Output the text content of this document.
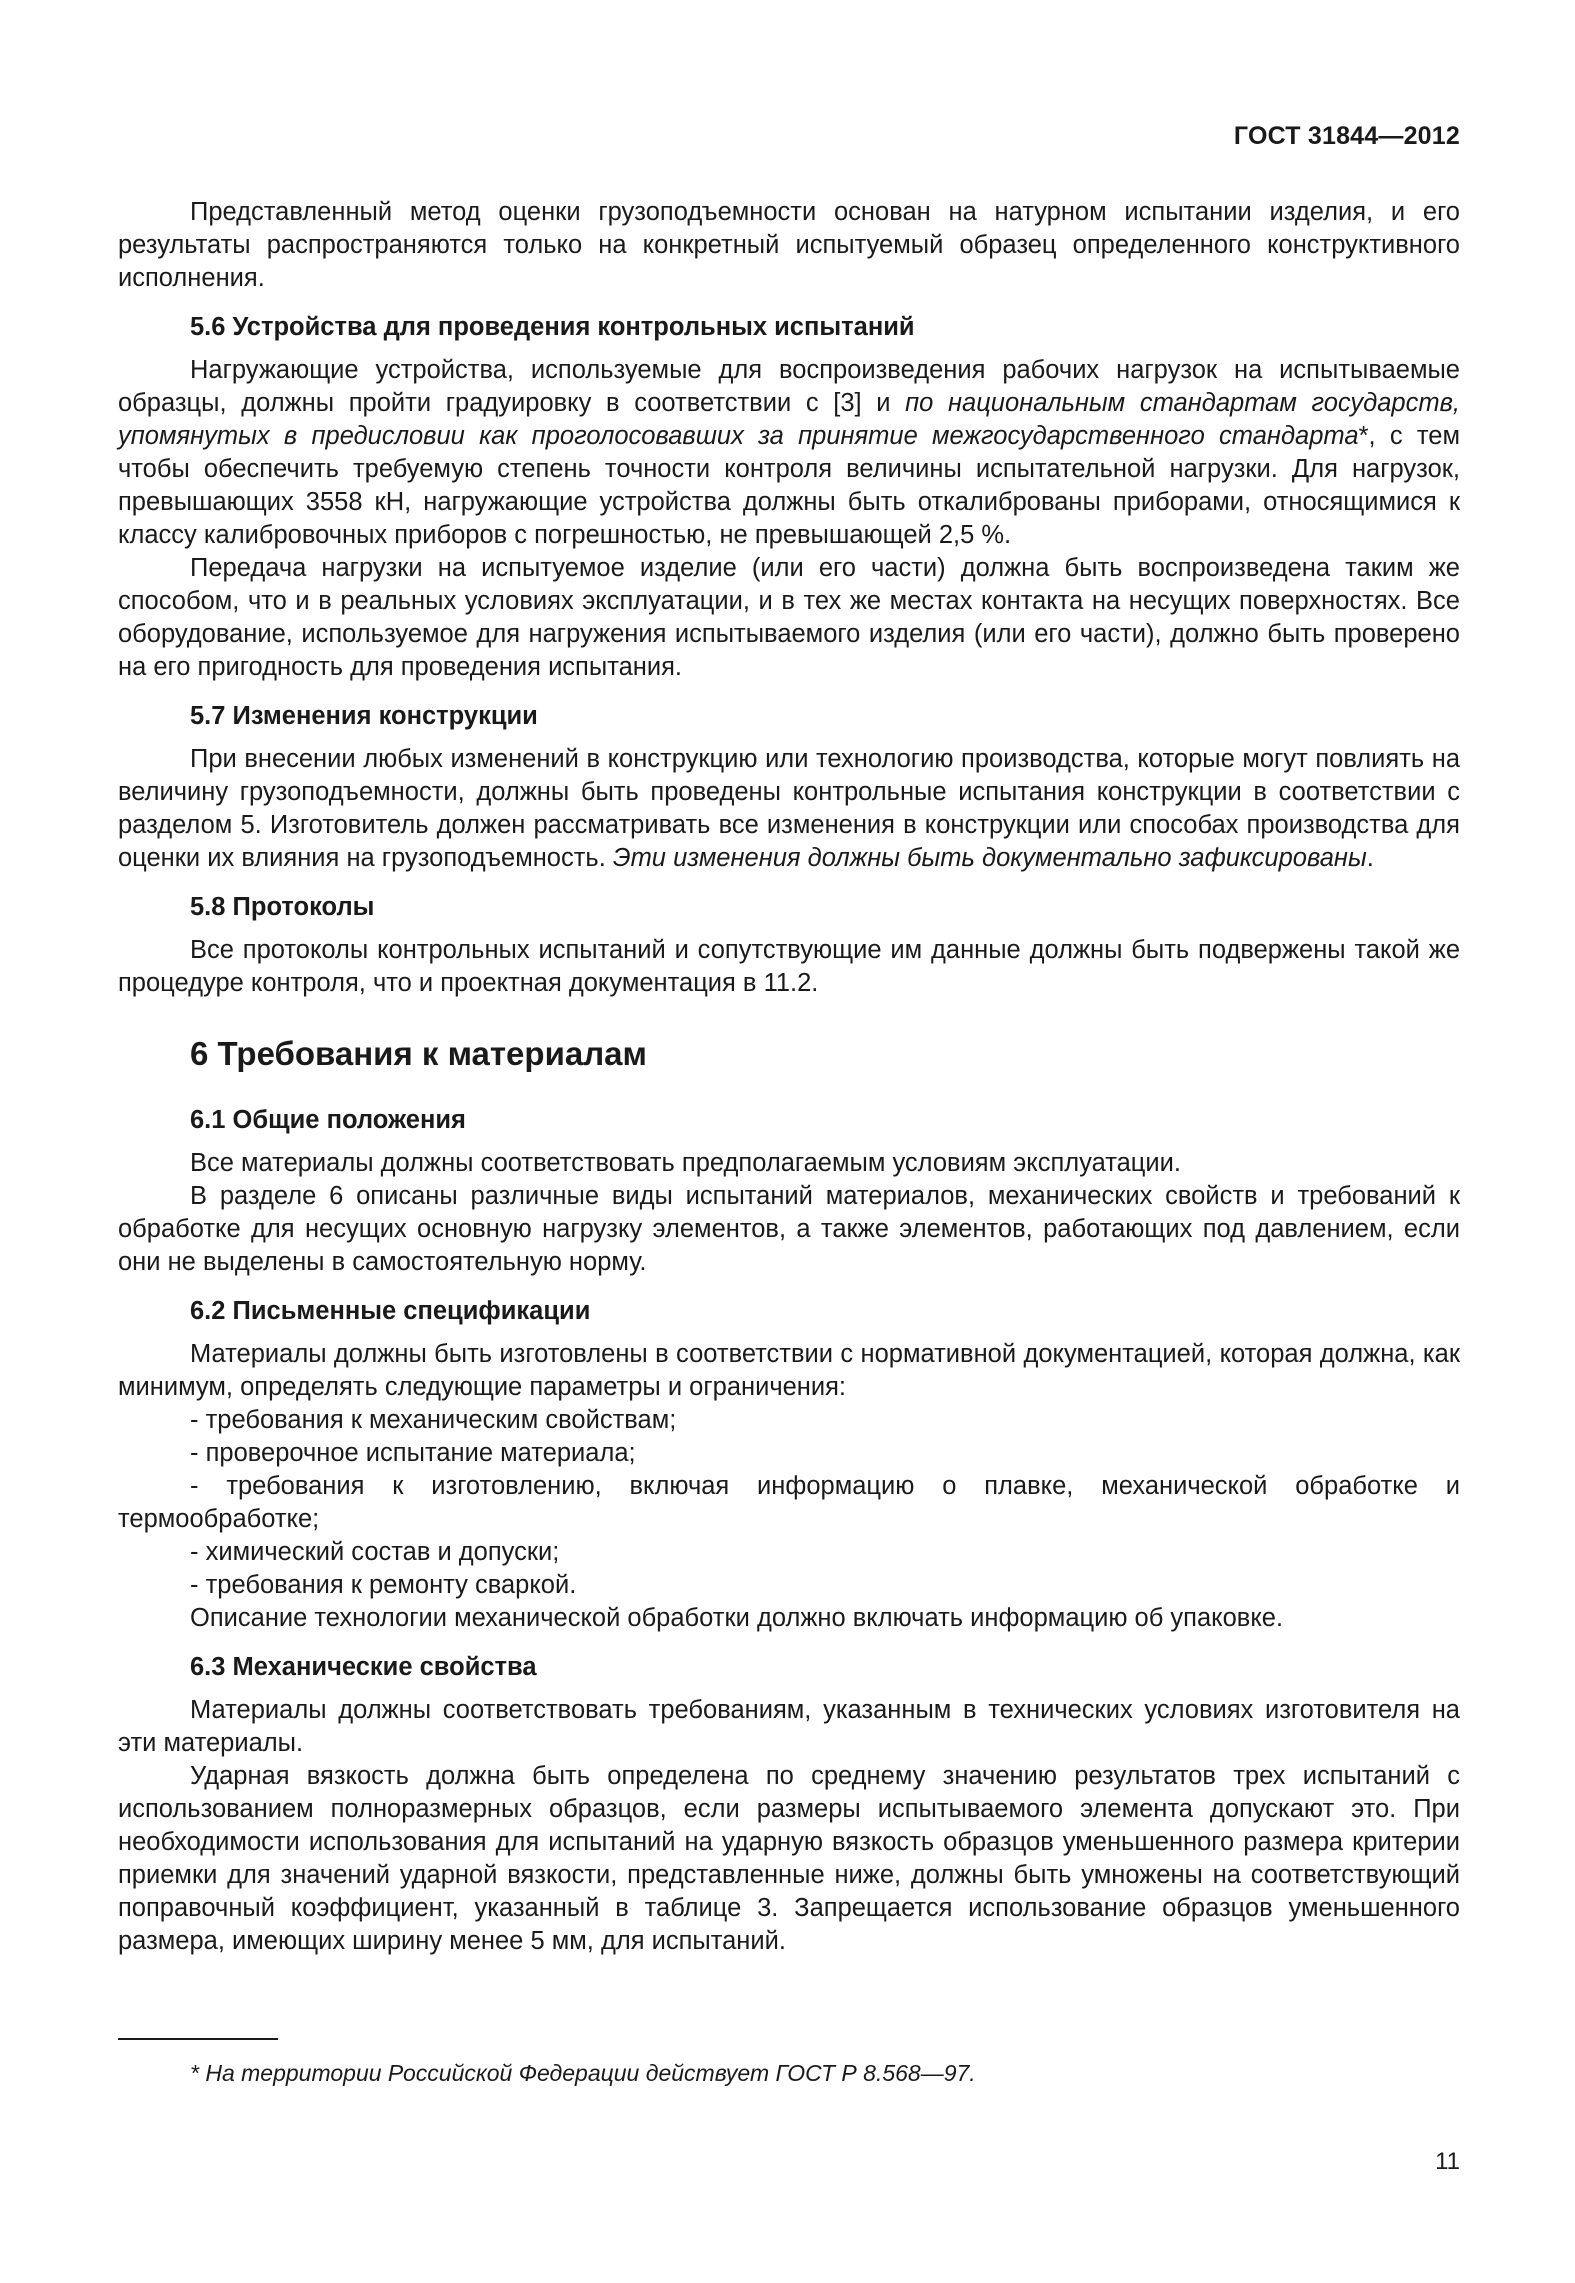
ГОСТ 31844—2012

Представленный метод оценки грузоподъемности основан на натурном испытании изделия, и его результаты распространяются только на конкретный испытуемый образец определенного конструктивного исполнения.

5.6 Устройства для проведения контрольных испытаний

Нагружающие устройства, используемые для воспроизведения рабочих нагрузок на испытываемые образцы, должны пройти градуировку в соответствии с [3] и по национальным стандартам государств, упомянутых в предисловии как проголосовавших за принятие межгосударственного стандарта*, с тем чтобы обеспечить требуемую степень точности контроля величины испытательной нагрузки. Для нагрузок, превышающих 3558 кН, нагружающие устройства должны быть откалиброваны приборами, относящимися к классу калибровочных приборов с погрешностью, не превышающей 2,5 %.

Передача нагрузки на испытуемое изделие (или его части) должна быть воспроизведена таким же способом, что и в реальных условиях эксплуатации, и в тех же местах контакта на несущих поверхностях. Все оборудование, используемое для нагружения испытываемого изделия (или его части), должно быть проверено на его пригодность для проведения испытания.

5.7 Изменения конструкции

При внесении любых изменений в конструкцию или технологию производства, которые могут повлиять на величину грузоподъемности, должны быть проведены контрольные испытания конструкции в соответствии с разделом 5. Изготовитель должен рассматривать все изменения в конструкции или способах производства для оценки их влияния на грузоподъемность. Эти изменения должны быть документально зафиксированы.

5.8 Протоколы

Все протоколы контрольных испытаний и сопутствующие им данные должны быть подвержены такой же процедуре контроля, что и проектная документация в 11.2.

6 Требования к материалам

6.1 Общие положения

Все материалы должны соответствовать предполагаемым условиям эксплуатации.

В разделе 6 описаны различные виды испытаний материалов, механических свойств и требований к обработке для несущих основную нагрузку элементов, а также элементов, работающих под давлением, если они не выделены в самостоятельную норму.

6.2 Письменные спецификации

Материалы должны быть изготовлены в соответствии с нормативной документацией, которая должна, как минимум, определять следующие параметры и ограничения:

- требования к механическим свойствам;

- проверочное испытание материала;

- требования к изготовлению, включая информацию о плавке, механической обработке и термообработке;

- химический состав и допуски;

- требования к ремонту сваркой.

Описание технологии механической обработки должно включать информацию об упаковке.

6.3 Механические свойства

Материалы должны соответствовать требованиям, указанным в технических условиях изготовителя на эти материалы.

Ударная вязкость должна быть определена по среднему значению результатов трех испытаний с использованием полноразмерных образцов, если размеры испытываемого элемента допускают это. При необходимости использования для испытаний на ударную вязкость образцов уменьшенного размера критерии приемки для значений ударной вязкости, представленные ниже, должны быть умножены на соответствующий поправочный коэффициент, указанный в таблице 3. Запрещается использование образцов уменьшенного размера, имеющих ширину менее 5 мм, для испытаний.

* На территории Российской Федерации действует ГОСТ Р 8.568—97.
11
